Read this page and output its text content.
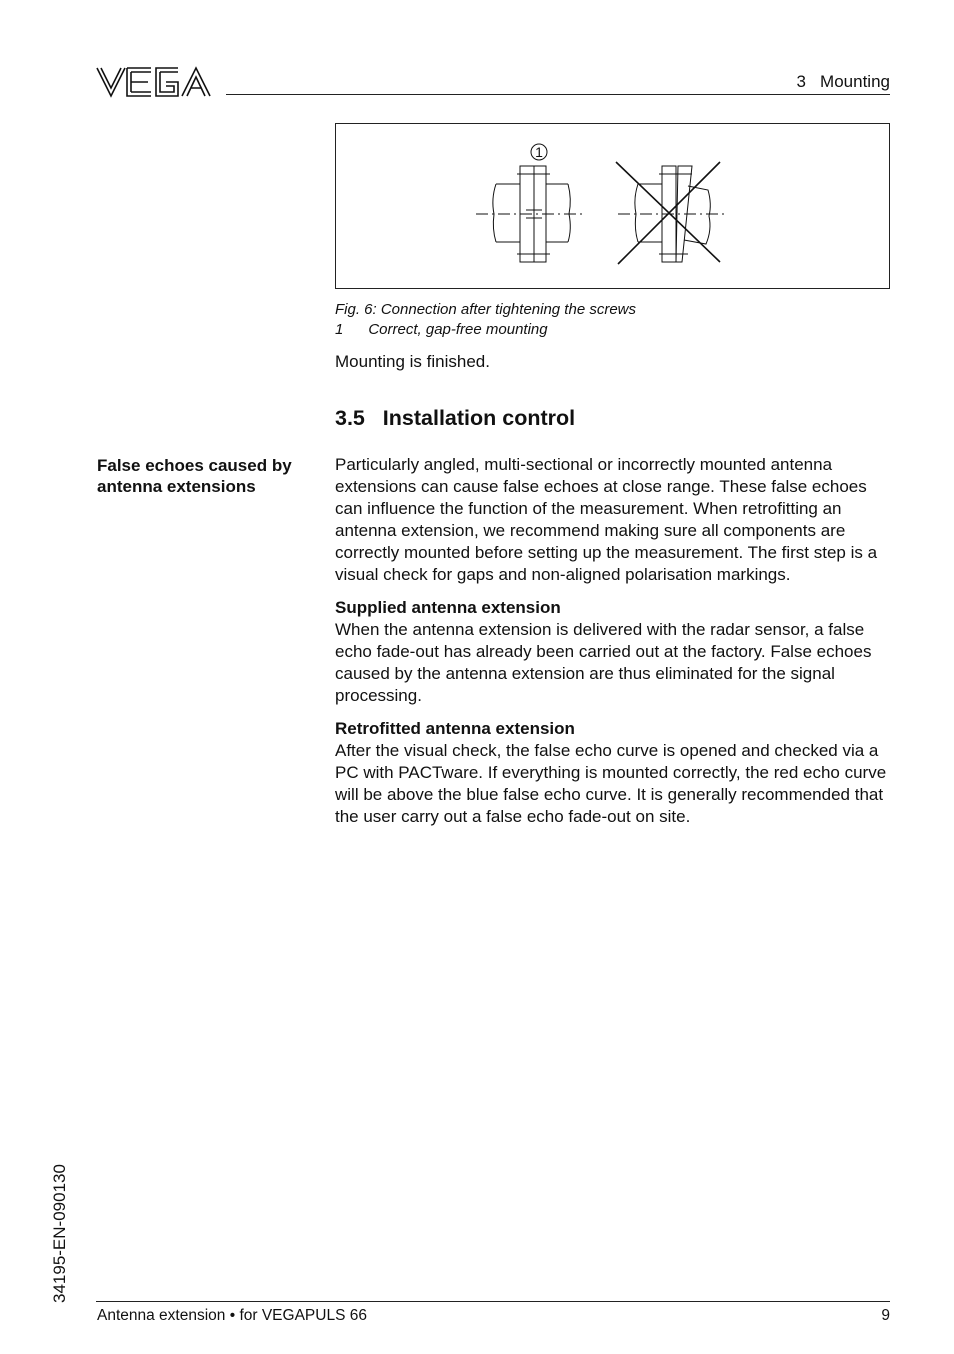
VEGA	3   Mounting
1
Fig. 6: Connection after tightening the screws
1      Correct, gap-free mounting
Mounting is finished.
3.5   Installation control
False echoes caused by antenna extensions
Particularly angled, multi-sectional or incorrectly mounted antenna extensions can cause false echoes at close range. These false echoes can influence the function of the measurement. When retrofitting an antenna extension, we recommend making sure all components are correctly mounted before setting up the measurement. The first step is a visual check for gaps and non-aligned polarisation markings.
Supplied antenna extension
When the antenna extension is delivered with the radar sensor, a false echo fade-out has already been carried out at the factory. False echoes caused by the antenna extension are thus eliminated for the signal processing.
Retrofitted antenna extension
After the visual check, the false echo curve is opened and checked via a PC with PACTware. If everything is mounted correctly, the red echo curve will be above the blue false echo curve. It is generally recommended that the user carry out a false echo fade-out on site.
34195-EN-090130
Antenna extension • for VEGAPULS 66	9
